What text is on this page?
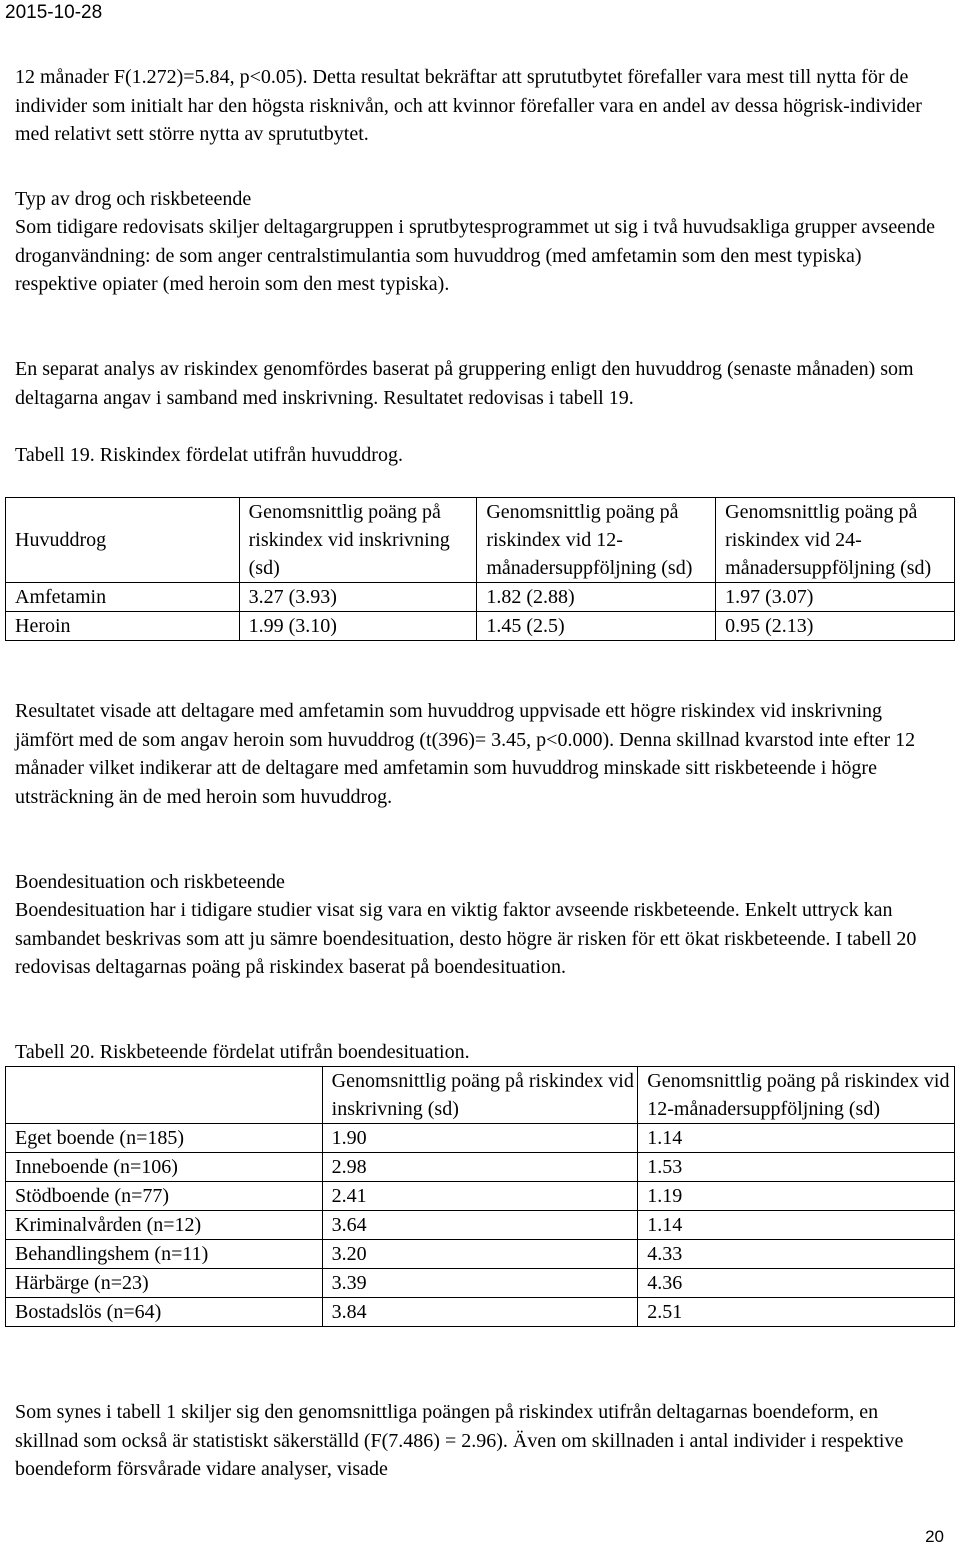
2015-10-28

12 månader F(1.272)=5.84, p<0.05). Detta resultat bekräftar att sprututbytet förefaller vara mest till nytta för de individer som initialt har den högsta risknivån, och att kvinnor förefaller vara en andel av dessa högrisk-individer med relativt sett större nytta av sprututbytet.

Typ av drog och riskbeteende

Som tidigare redovisats skiljer deltagargruppen i sprutbytesprogrammet ut sig i två huvudsakliga grupper avseende droganvändning: de som anger centralstimulantia som huvuddrog (med amfetamin som den mest typiska) respektive opiater (med heroin som den mest typiska).

En separat analys av riskindex genomfördes baserat på gruppering enligt den huvuddrog (senaste månaden) som deltagarna angav i samband med inskrivning. Resultatet redovisas i tabell 19.

Tabell 19. Riskindex fördelat utifrån huvuddrog.

Huvuddrog	Genomsnittlig poäng på riskindex vid inskrivning (sd)	Genomsnittlig poäng på riskindex vid 12-månadersuppföljning (sd)	Genomsnittlig poäng på riskindex vid 24-månadersuppföljning (sd)
Amfetamin	3.27 (3.93)	1.82 (2.88)	1.97 (3.07)
Heroin	1.99 (3.10)	1.45 (2.5)	0.95 (2.13)

Resultatet visade att deltagare med amfetamin som huvuddrog uppvisade ett högre riskindex vid inskrivning jämfört med de som angav heroin som huvuddrog (t(396)= 3.45, p<0.000). Denna skillnad kvarstod inte efter 12 månader vilket indikerar att de deltagare med amfetamin som huvuddrog minskade sitt riskbeteende i högre utsträckning än de med heroin som huvuddrog.

Boendesituation och riskbeteende

Boendesituation har i tidigare studier visat sig vara en viktig faktor avseende riskbeteende. Enkelt uttryck kan sambandet beskrivas som att ju sämre boendesituation, desto högre är risken för ett ökat riskbeteende. I tabell 20 redovisas deltagarnas poäng på riskindex baserat på boendesituation.

Tabell 20. Riskbeteende fördelat utifrån boendesituation.

	Genomsnittlig poäng på riskindex vid inskrivning (sd)	Genomsnittlig poäng på riskindex vid 12-månadersuppföljning (sd)
Eget boende (n=185)	1.90	1.14
Inneboende (n=106)	2.98	1.53
Stödboende (n=77)	2.41	1.19
Kriminalvården (n=12)	3.64	1.14
Behandlingshem (n=11)	3.20	4.33
Härbärge (n=23)	3.39	4.36
Bostadslös (n=64)	3.84	2.51

Som synes i tabell 1 skiljer sig den genomsnittliga poängen på riskindex utifrån deltagarnas boendeform, en skillnad som också är statistiskt säkerställd (F(7.486) = 2.96). Även om skillnaden i antal individer i respektive boendeform försvårade vidare analyser, visade

20
